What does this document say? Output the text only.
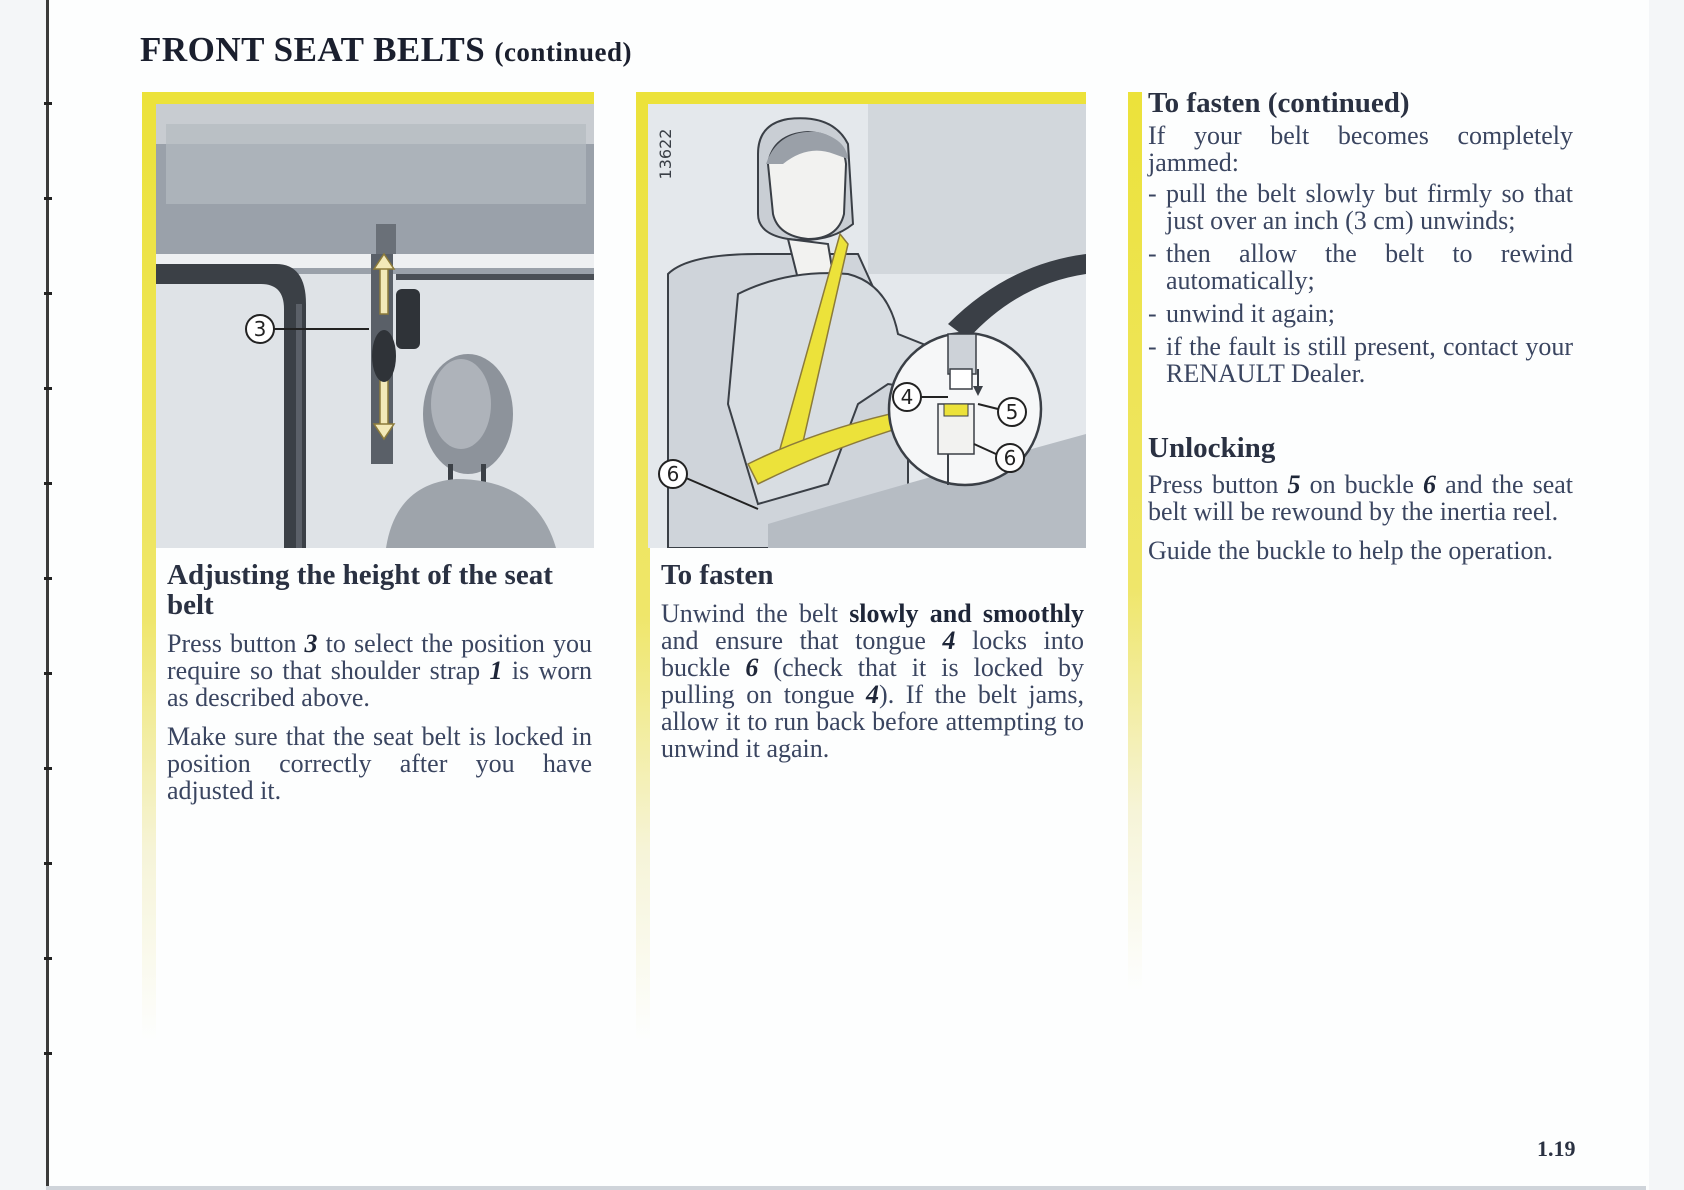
FRONT SEAT BELTS (continued)
3
Adjusting the height of the seat belt

Press button 3 to select the position you require so that shoulder strap 1 is worn as described above.

Make sure that the seat belt is locked in position correctly after you have adjusted it.

13622
4
5
6
6
To fasten

Unwind the belt slowly and smoothly and ensure that tongue 4 locks into buckle 6 (check that it is locked by pulling on tongue 4). If the belt jams, allow it to run back before attempting to unwind it again.

To fasten (continued)

If your belt becomes completely jammed:

- pull the belt slowly but firmly so that just over an inch (3 cm) unwinds;
- then allow the belt to rewind automatically;
- unwind it again;
- if the fault is still present, contact your RENAULT Dealer.
Unlocking

Press button 5 on buckle 6 and the seat belt will be rewound by the inertia reel.

Guide the buckle to help the operation.

1.19
